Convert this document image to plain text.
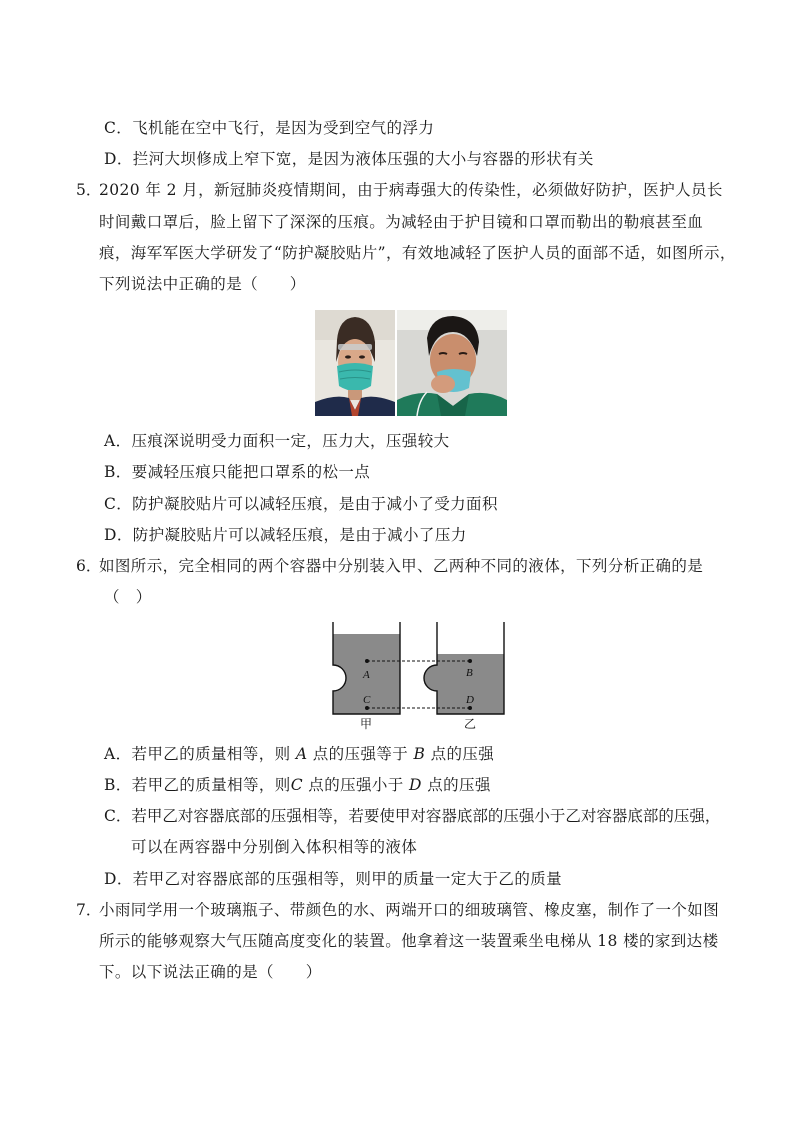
C．飞机能在空中飞行，是因为受到空气的浮力
D．拦河大坝修成上窄下宽，是因为液体压强的大小与容器的形状有关
5．
2020 年 2 月，新冠肺炎疫情期间，由于病毒强大的传染性，必须做好防护，医护人员长
时间戴口罩后，脸上留下了深深的压痕。为减轻由于护目镜和口罩而勒出的勒痕甚至血
痕，海军军医大学研发了“防护凝胶贴片”，有效地减轻了医护人员的面部不适，如图所示，
下列说法中正确的是（　　）
A．压痕深说明受力面积一定，压力大，压强较大
B．要减轻压痕只能把口罩系的松一点
C．防护凝胶贴片可以减轻压痕，是由于减小了受力面积
D．防护凝胶贴片可以减轻压痕，是由于减小了压力
6．
如图所示，完全相同的两个容器中分别装入甲、乙两种不同的液体，下列分析正确的是
（　）
A	B
C	D
甲	乙
A．若甲乙的质量相等，则 A 点的压强等于 B 点的压强
B．若甲乙的质量相等，则C 点的压强小于 D 点的压强
C．若甲乙对容器底部的压强相等，若要使甲对容器底部的压强小于乙对容器底部的压强，
可以在两容器中分别倒入体积相等的液体
D．若甲乙对容器底部的压强相等，则甲的质量一定大于乙的质量
7．
小雨同学用一个玻璃瓶子、带颜色的水、两端开口的细玻璃管、橡皮塞，制作了一个如图
所示的能够观察大气压随高度变化的装置。他拿着这一装置乘坐电梯从 18 楼的家到达楼
下。以下说法正确的是（　　）
